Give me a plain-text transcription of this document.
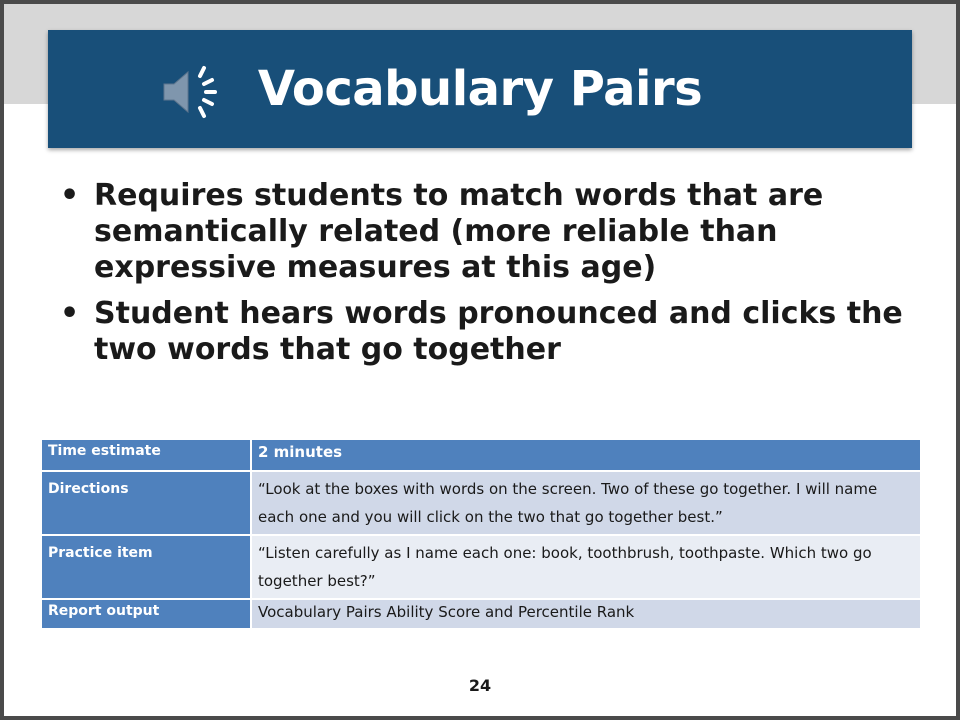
Vocabulary Pairs
• Requires students to match words that are semantically related (more reliable than expressive measures at this age)
• Student hears words pronounced and clicks the two words that go together
Time estimate	2 minutes
Directions	“Look at the boxes with words on the screen. Two of these go together. I will name each one and you will click on the two that go together best.”
Practice item	“Listen carefully as I name each one: book, toothbrush, toothpaste. Which two go together best?”
Report output	Vocabulary Pairs Ability Score and Percentile Rank
24
